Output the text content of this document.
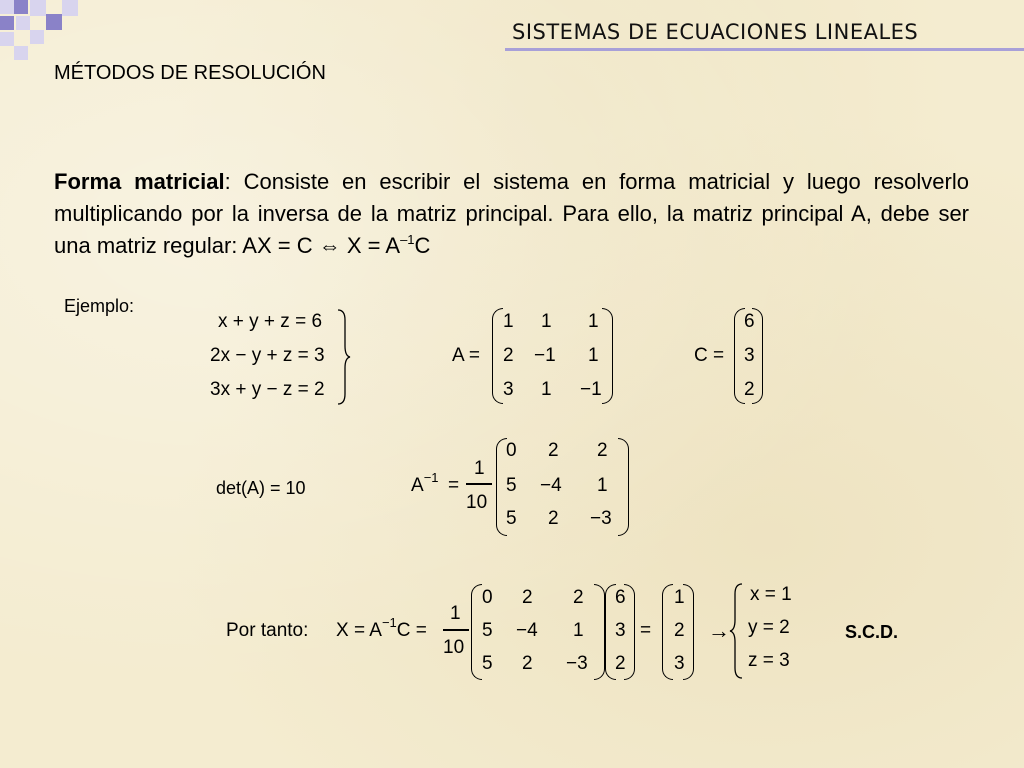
SISTEMAS DE ECUACIONES LINEALES
MÉTODOS DE RESOLUCIÓN
Forma matricial: Consiste en escribir el sistema en forma matricial y luego resolverlo multiplicando por la inversa de la matriz principal. Para ello, la matriz principal A, debe ser una matriz regular: AX = C ⇔ $X = A^{-1}C$
Ejemplo:
x + y + z = 6
2x − y + z = 3
3x + y − z = 2
A =
1 1 1
2 −1 1
3 1 −1
C =
6
3
2
det(A) = 10	$A^{-1}$ =
1
10
0 2 2
5 −4 1
5 2 −3
Por tanto: $X = A^{-1}C$ =
1
10
0 2 2
5 −4 1
5 2 −3
6
3
2
=
1
2
3
→
x = 1
y = 2
z = 3
S.C.D.
